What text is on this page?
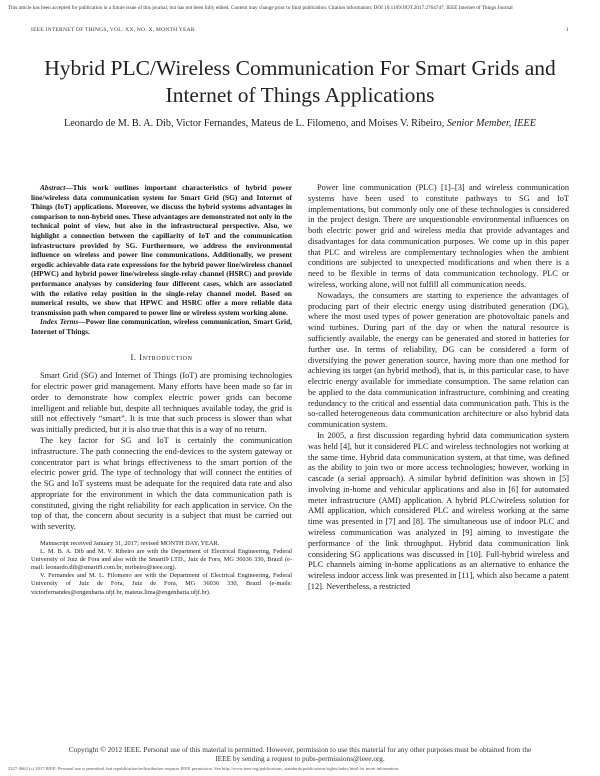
This article has been accepted for publication in a future issue of this journal, but has not been fully edited. Content may change prior to final publication. Citation information: DOI 10.1109/JIOT.2017.2764747, IEEE Internet of Things Journal
IEEE INTERNET OF THINGS, VOL. XX, NO. X, MONTH YEAR	1
Hybrid PLC/Wireless Communication For Smart Grids and Internet of Things Applications
Leonardo de M. B. A. Dib, Victor Fernandes, Mateus de L. Filomeno, and Moises V. Ribeiro, Senior Member, IEEE

Abstract—This work outlines important characteristics of hybrid power line/wireless data communication system for Smart Grid (SG) and Internet of Things (IoT) applications. Moreover, we discuss the hybrid systems advantages in comparison to non-hybrid ones. These advantages are demonstrated not only in the technical point of view, but also in the infrastructural perspective. Also, we highlight a connection between the capillarity of IoT and the communication infrastructure provided by SG. Furthermore, we address the environmental influence on wireless and power line communications. Additionally, we present ergodic achievable data rate expressions for the hybrid power line/wireless channel (HPWC) and hybrid power line/wireless single-relay channel (HSRC) and provide performance analyses by considering four different cases, which are associated with the relative relay position in the single-relay channel model. Based on numerical results, we show that HPWC and HSRC offer a more reliable data transmission path when compared to power line or wireless system working alone.

Index Terms—Power line communication, wireless communication, Smart Grid, Internet of Things.

I. Introduction

Smart Grid (SG) and Internet of Things (IoT) are promising technologies for electric power grid management. Many efforts have been made so far in order to demonstrate how complex electric power grids can become intelligent and reliable but, despite all techniques available today, the grid is still not effectively “smart”. It is true that such process is slower than what was initially predicted, but it is also true that this is a way of no return.

The key factor for SG and IoT is certainly the communication infrastructure. The path connecting the end-devices to the system gateway or concentrator part is what brings effectiveness to the smart portion of the electric power grid. The type of technology that will connect the entities of the SG and IoT systems must be adequate for the required data rate and also appropriate for the environment in which the data communication path is constituted, giving the right reliability for each application in service. On the top of that, the concern about security is a subject that must be carried out with severity.

Manuscript received January 31, 2017; revised MONTH DAY, YEAR.

L. M. B. A. Dib and M. V. Ribeiro are with the Department of Electrical Engineering, Federal University of Juiz de Fora and also with the Smarti9 LTD., Juiz de Fora, MG 36036 330, Brazil (e-mail: leonardo.dib@smarti9.com.br, mribeiro@ieee.org).

V. Fernandes and M. L. Filomeno are with the Department of Electrical Engineering, Federal University of Juiz de Fora, Juiz de Fora, MG 36036 330, Brazil (e-mails: victorfernandes@engenharia.ufjf.br, mateus.lima@engenharia.ufjf.br).

Power line communication (PLC) [1]–[3] and wireless communication systems have been used to constitute pathways to SG and IoT implementations, but commonly only one of these technologies is considered in the project design. There are unquestionable environmental influences on both electric power grid and wireless media that provide advantages and disadvantages for data communication purposes. We come up in this paper that PLC and wireless are complementary technologies when the ambient conditions are subjected to unexpected modifications and when there is a need to be flexible in terms of data communication technology. PLC or wireless, working alone, will not fulfill all communication needs.

Nowadays, the consumers are starting to experience the advantages of producing part of their electric energy using distributed generation (DG), where the most used types of power generation are photovoltaic panels and wind turbines. During part of the day or when the natural resource is sufficiently available, the energy can be generated and stored in batteries for further use. In terms of reliability, DG can be considered a form of diversifying the power generation source, having more than one method for achieving its target (an hybrid method), that is, in this particular case, to have electric energy available for immediate consumption. The same relation can be applied to the data communication infrastructure, combining and creating redundancy to the critical and essential data communication path. This is the so-called heterogeneous data communication architecture or also hybrid data communication system.

In 2005, a first discussion regarding hybrid data communication system was held [4], but it considered PLC and wireless technologies not working at the same time. Hybrid data communication system, at that time, was defined as the ability to join two or more access technologies; however, working in cascade (a serial approach). A similar hybrid definition was shown in [5] involving in-home and vehicular applications and also in [6] for automated meter infrastructure (AMI) application. A hybrid PLC/wireless solution for AMI application, which considered PLC and wireless working at the same time was presented in [7] and [8]. The simultaneous use of indoor PLC and wireless communication was analyzed in [9] aiming to investigate the performance of the link throughput. Hybrid data communication link considering SG applications was discussed in [10]. Full-hybrid wireless and PLC channels aiming in-home applications as an alternative to enhance the wireless indoor access link was presented in [11], which also became a patent [12]. Nevertheless, a restricted

Copyright © 2012 IEEE. Personal use of this material is permitted. However, permission to use this material for any other purposes must be obtained from the IEEE by sending a request to pubs-permissions@ieee.org.
2327-4662 (c) 2017 IEEE. Personal use is permitted, but republication/redistribution requires IEEE permission. See http://www.ieee.org/publications_standards/publications/rights/index.html for more information.
